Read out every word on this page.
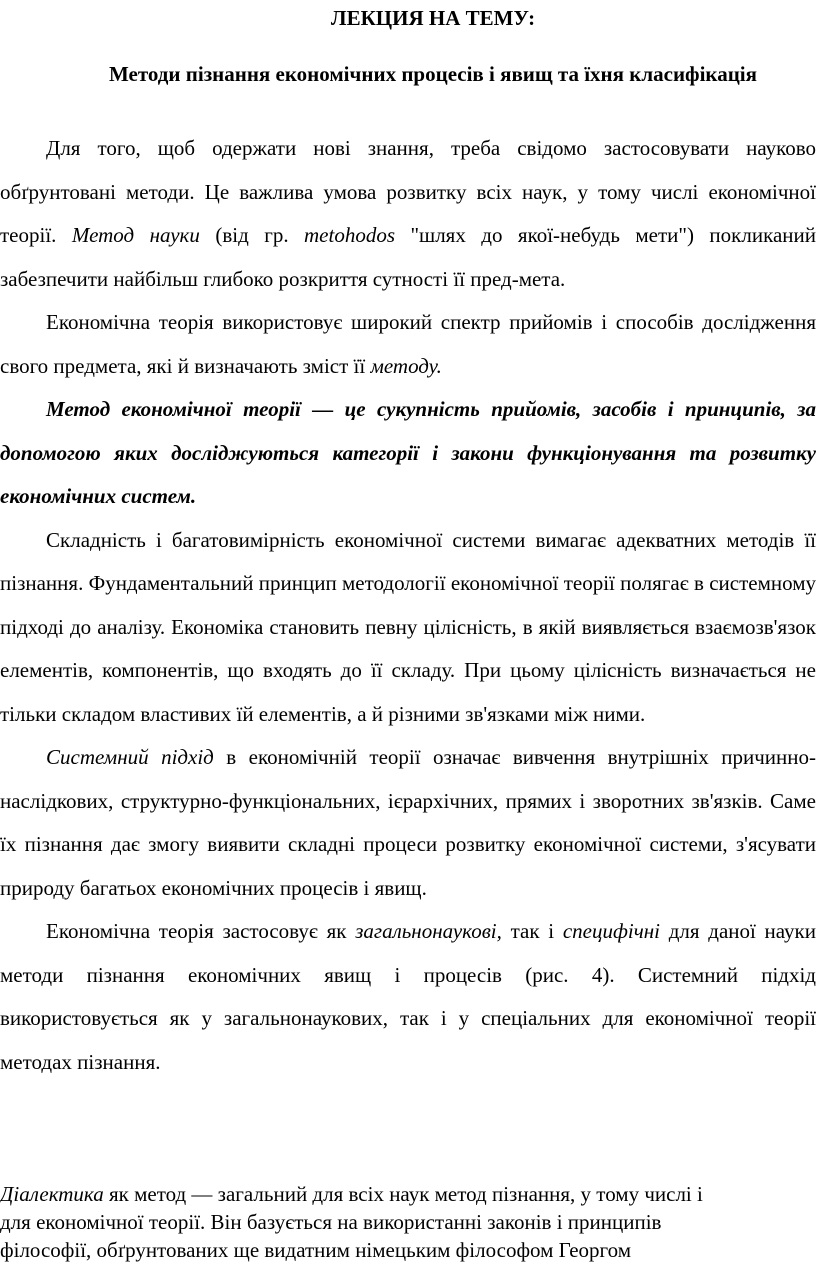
ЛЕКЦИЯ НА ТЕМУ:
Методи пізнання економічних процесів і явищ та їхня класифікація

Для того, щоб одержати нові знання, треба свідомо застосовувати науково обґрунтовані методи. Це важлива умова розвитку всіх наук, у тому числі економічної теорії. Метод науки (від гр. metohodos "шлях до якої-небудь мети") покликаний забезпечити найбільш глибоко розкриття сутності її пред-мета.

Економічна теорія використовує широкий спектр прийомів і способів дослідження свого предмета, які й визначають зміст її методу.

Метод економічної теорії — це сукупність прийомів, засобів і принципів, за допомогою яких досліджуються категорії і закони функціонування та розвитку економічних систем.

Складність і багатовимірність економічної системи вимагає адекватних методів її пізнання. Фундаментальний принцип методології економічної теорії полягає в системному підході до аналізу. Економіка становить певну цілісність, в якій виявляється взаємозв'язок елементів, компонентів, що входять до її складу. При цьому цілісність визначається не тільки складом властивих їй елементів, а й різними зв'язками між ними.

Системний підхід в економічній теорії означає вивчення внутрішніх причинно-наслідкових, структурно-функціональних, ієрархічних, прямих і зворотних зв'язків. Саме їх пізнання дає змогу виявити складні процеси розвитку економічної системи, з'ясувати природу багатьох економічних процесів і явищ.

Економічна теорія застосовує як загальнонаукові, так і специфічні для даної науки методи пізнання економічних явищ і процесів (рис. 4). Системний підхід використовується як у загальнонаукових, так і у спеціальних для економічної теорії методах пізнання.

Діалектика як метод — загальний для всіх наук метод пізнання, у тому числі і

для економічної теорії. Він базується на використанні законів і принципів

філософії, обґрунтованих ще видатним німецьким філософом Георгом
